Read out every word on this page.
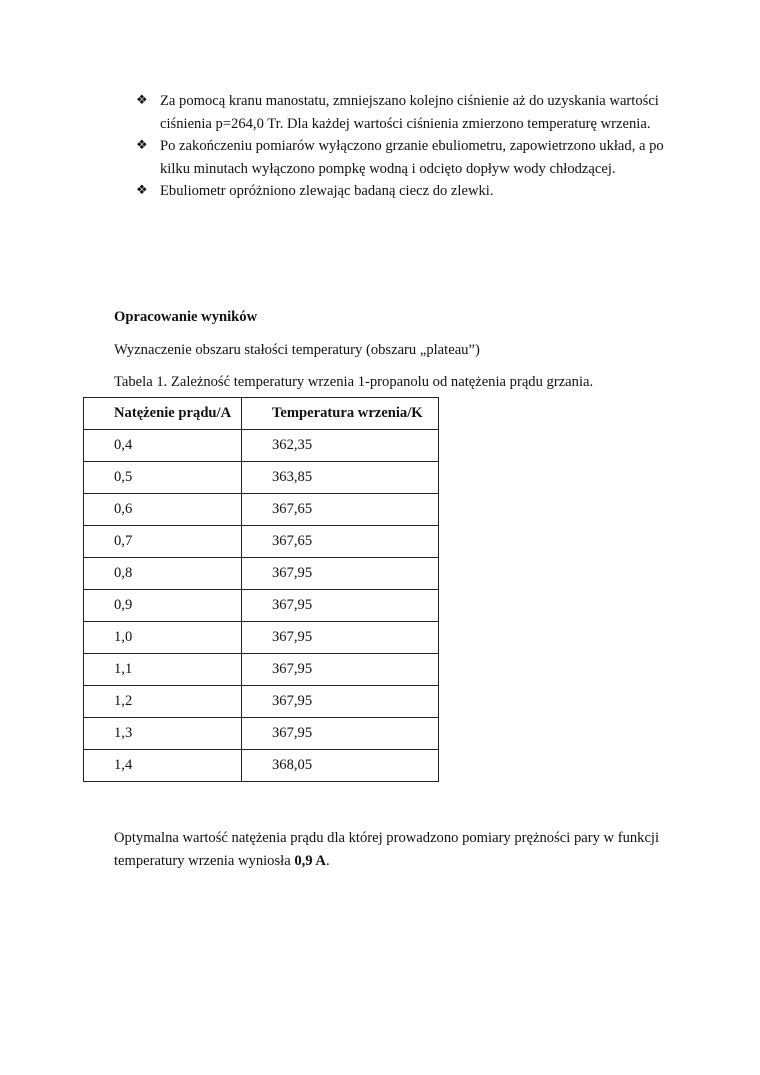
❖ Za pomocą kranu manostatu, zmniejszano kolejno ciśnienie aż do uzyskania wartości ciśnienia p=264,0 Tr. Dla każdej wartości ciśnienia zmierzono temperaturę wrzenia.
❖ Po zakończeniu pomiarów wyłączono grzanie ebuliometru, zapowietrzono układ, a po kilku minutach wyłączono pompkę wodną i odcięto dopływ wody chłodzącej.
❖ Ebuliometr opróżniono zlewając badaną ciecz do zlewki.

Opracowanie wyników

Wyznaczenie obszaru stałości temperatury (obszaru „plateau”)

Tabela 1. Zależność temperatury wrzenia 1-propanolu od natężenia prądu grzania.

Natężenie prądu/A	Temperatura wrzenia/K
0,4	362,35
0,5	363,85
0,6	367,65
0,7	367,65
0,8	367,95
0,9	367,95
1,0	367,95
1,1	367,95
1,2	367,95
1,3	367,95
1,4	368,05

Optymalna wartość natężenia prądu dla której prowadzono pomiary prężności pary w funkcji temperatury wrzenia wyniosła 0,9 A.
